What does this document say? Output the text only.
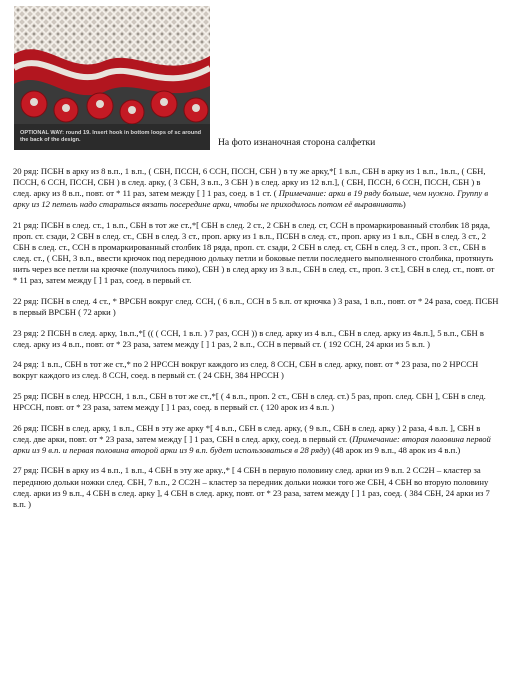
OPTIONAL WAY: round 19. Insert hook in bottom loops of sc around the back of the design.	На фото изнаночная сторона салфетки

20 ряд: ПСБН в арку из 8 в.п., 1 в.п., ( СБН, ПССН, 6 ССН, ПССН, СБН ) в ту же арку,*[ 1 в.п., СБН в арку из 1 в.п., 1в.п., ( СБН, ПССН, 6 ССН, ПССН, СБН ) в след. арку, ( 3 СБН, 3 в.п., 3 СБН ) в след. арку из 12 в.п.], ( СБН, ПССН, 6 ССН, ПССН, СБН ) в след. арку из 8 в.п., повт. от * 11 раз, затем между [ ] 1 раз, соед. в 1 ст. ( Примечание: арки в 19 ряду больше, чем нужно. Группу в арку из 12 петель надо стараться вязать посередине арки, чтобы не приходилось потом её выравнивать)

21 ряд: ПСБН в след. ст., 1 в.п., СБН в тот же ст.,*[ СБН в след. 2 ст., 2 СБН в след. ст, ССН в промаркированный столбик 18 ряда, проп. ст. сзади, 2 СБН в след. ст., СБН в след. 3 ст., проп. арку из 1 в.п., ПСБН в след. ст., проп. арку из 1 в.п., СБН в след. 3 ст., 2 СБН в след. ст., ССН в промаркированный столбик 18 ряда, проп. ст. сзади, 2 СБН в след. ст, СБН в след. 3 ст., проп. 3 ст., СБН в след. ст., ( СБН, 3 в.п., ввести крючок под переднюю дольку петли и боковые петли последнего выполненного столбика, протянуть нить через все петли на крючке (получилось пико), СБН ) в след арку из 3 в.п., СБН в след. ст., проп. 3 ст.], СБН в след. ст., повт. от * 11 раз, затем между [ ] 1 раз, соед. в первый ст.

22 ряд: ПСБН в след. 4 ст., * ВРСБН вокруг след. ССН, ( 6 в.п., ССН в 5 в.п. от крючка ) 3 раза, 1 в.п., повт. от * 24 раза, соед. ПСБН в первый ВРСБН ( 72 арки )

23 ряд: 2 ПСБН в след. арку, 1в.п.,*[ (( ( ССН, 1 в.п. ) 7 раз, ССН )) в след. арку из 4 в.п., СБН в след. арку из 4в.п.], 5 в.п., СБН в след. арку из 4 в.п., повт. от * 23 раза, затем между [ ] 1 раз, 2 в.п., ССН в первый ст. ( 192 ССН, 24 арки из 5 в.п. )

24 ряд: 1 в.п., СБН в тот же ст.,* по 2 НРССН вокруг каждого из след. 8 ССН, СБН в след. арку, повт. от * 23 раза, по 2 НРССН вокруг каждого из след. 8 ССН, соед. в первый ст. ( 24 СБН, 384 НРССН )

25 ряд: ПСБН в след. НРССН, 1 в.п., СБН в тот же ст.,*[ ( 4 в.п., проп. 2 ст., СБН в след. ст.) 5 раз, проп. след. СБН ], СБН в след. НРССН, повт. от * 23 раза, затем между [ ] 1 раз, соед. в первый ст. ( 120 арок из 4 в.п. )

26 ряд: ПСБН в след. арку, 1 в.п., СБН в эту же арку *[ 4 в.п., СБН в след. арку, ( 9 в.п., СБН в след. арку ) 2 раза, 4 в.п. ], СБН в след. две арки, повт. от * 23 раза, затем между [ ] 1 раз, СБН в след. арку, соед. в первый ст. (Примечание: вторая половина первой арки из 9 в.п. и первая половина второй арки из 9 в.п. будет использоваться в 28 ряду) (48 арок из 9 в.п., 48 арок из 4 в.п.)

27 ряд: ПСБН в арку из 4 в.п., 1 в.п., 4 СБН в эту же арку.,* [ 4 СБН в первую половину след. арки из 9 в.п. 2 СС2Н – кластер за переднюю дольки ножки след. СБН, 7 в.п., 2 СС2Н – кластер за передник дольки ножки того же СБН, 4 СБН во вторую половину след. арки из 9 в.п., 4 СБН в след. арку ], 4 СБН в след. арку, повт. от * 23 раза, затем между [ ] 1 раз, соед. ( 384 СБН, 24 арки из 7 в.п. )
